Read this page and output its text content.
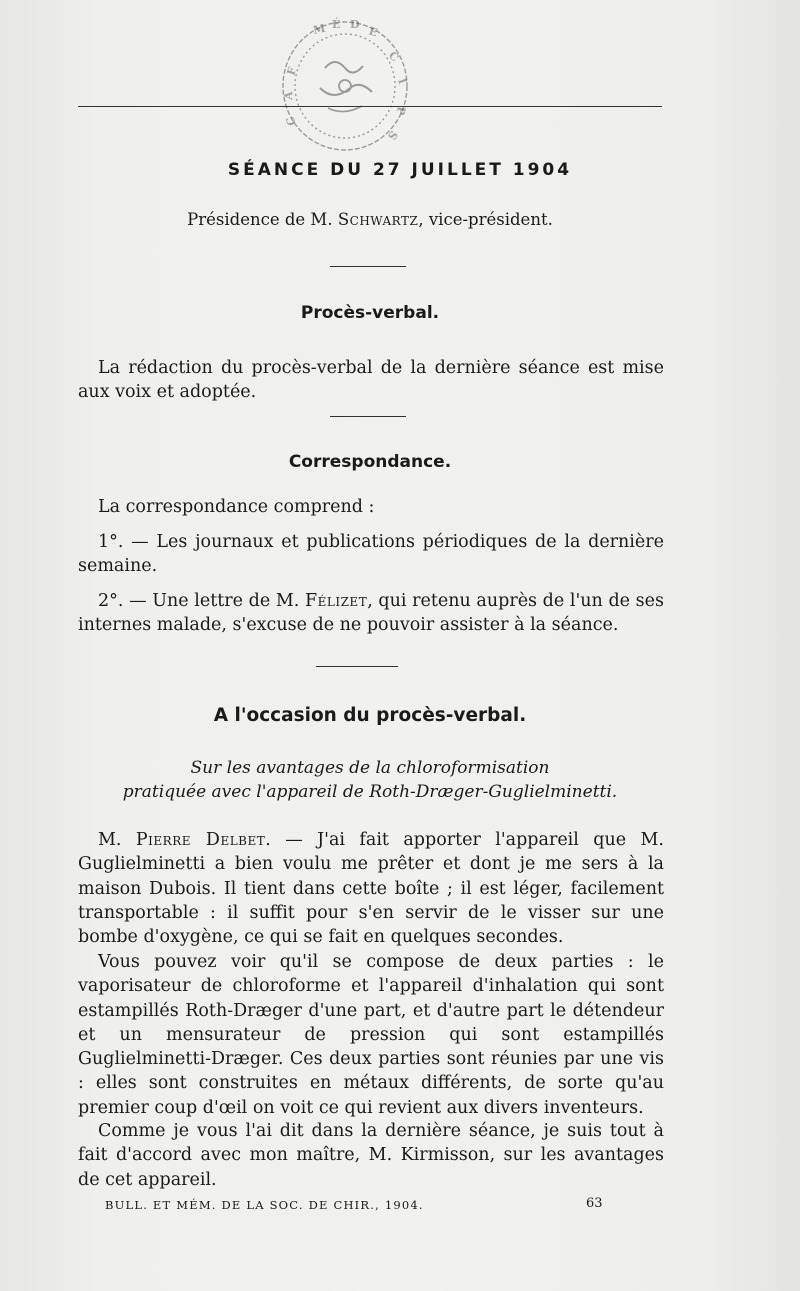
M É D E
C
I
F
A
C
P
S
SÉANCE DU 27 JUILLET 1904
Présidence de M. Schwartz, vice-président.
Procès-verbal.
La rédaction du procès-verbal de la dernière séance est mise aux voix et adoptée.
Correspondance.
La correspondance comprend :
1°. — Les journaux et publications périodiques de la dernière semaine.
2°. — Une lettre de M. Félizet, qui retenu auprès de l'un de ses internes malade, s'excuse de ne pouvoir assister à la séance.
A l'occasion du procès-verbal.
Sur les avantages de la chloroformisation
pratiquée avec l'appareil de Roth-Dræger-Guglielminetti.
M. Pierre Delbet. — J'ai fait apporter l'appareil que M. Guglielminetti a bien voulu me prêter et dont je me sers à la maison Dubois. Il tient dans cette boîte ; il est léger, facilement transportable : il suffit pour s'en servir de le visser sur une bombe d'oxygène, ce qui se fait en quelques secondes.
Vous pouvez voir qu'il se compose de deux parties : le vaporisateur de chloroforme et l'appareil d'inhalation qui sont estampillés Roth-Dræger d'une part, et d'autre part le détendeur et un mensurateur de pression qui sont estampillés Guglielminetti-Dræger. Ces deux parties sont réunies par une vis : elles sont construites en métaux différents, de sorte qu'au premier coup d'œil on voit ce qui revient aux divers inventeurs.
Comme je vous l'ai dit dans la dernière séance, je suis tout à fait d'accord avec mon maître, M. Kirmisson, sur les avantages de cet appareil.
BULL. ET MÉM. DE LA SOC. DE CHIR., 1904.	63
